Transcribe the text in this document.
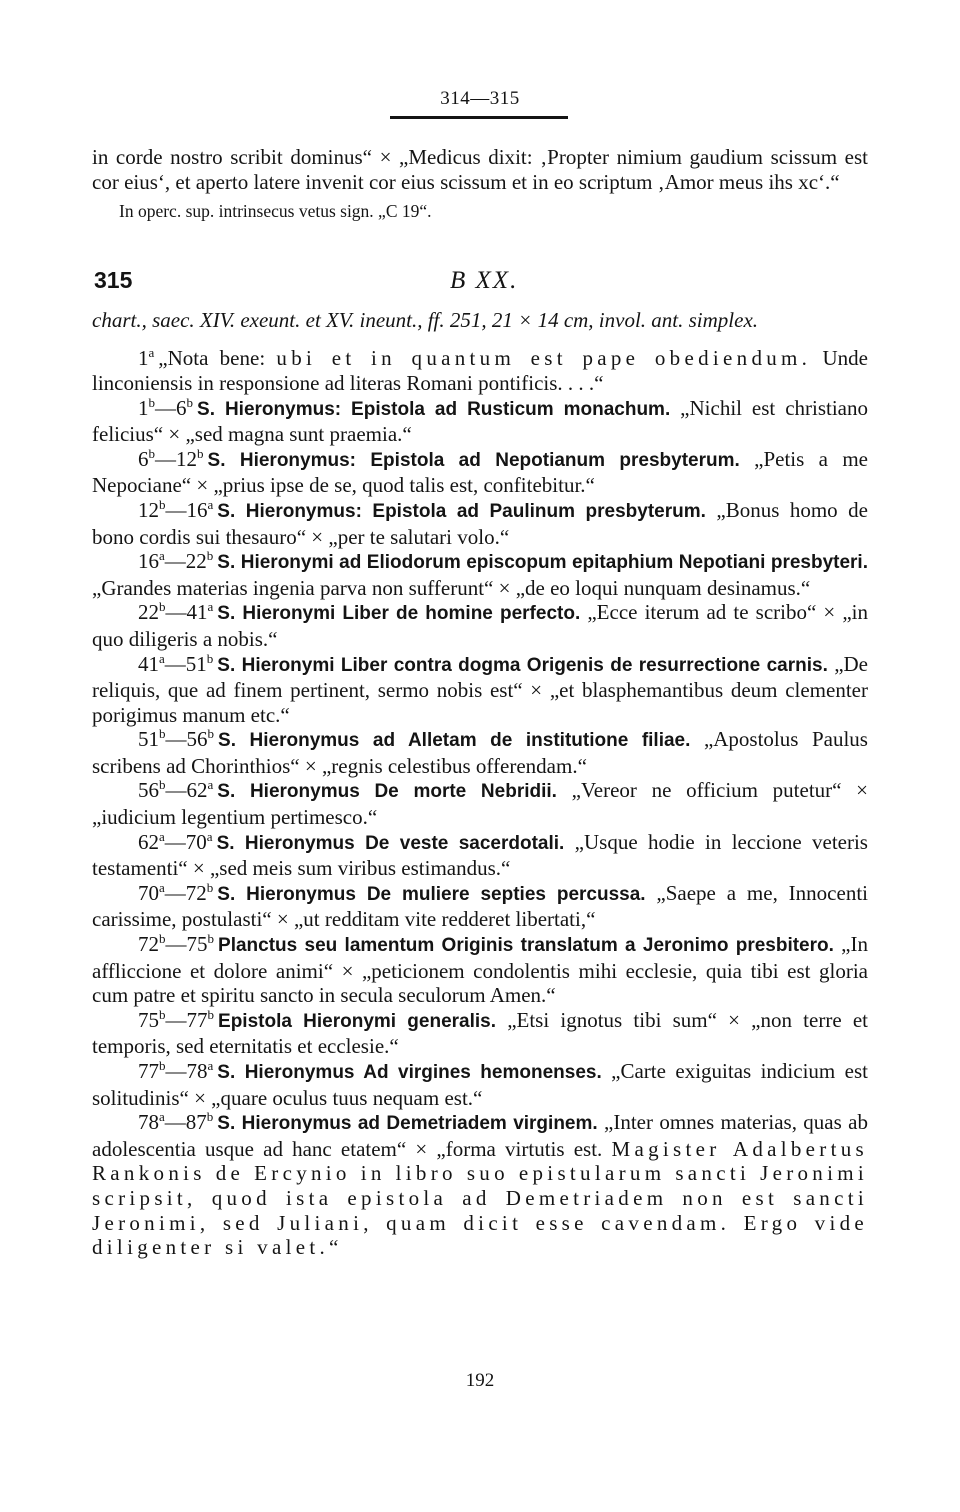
314—315

in corde nostro scribit dominus“ × „Medicus dixit: ‚Propter nimium gaudium scissum est cor eius‘, et aperto latere invenit cor eius scissum et in eo scriptum ‚Amor meus ihs xc‘.“

In operc. sup. intrinsecus vetus sign. „C 19“.

315	B XX.

chart., saec. XIV. exeunt. et XV. ineunt., ff. 251, 21 × 14 cm, invol. ant. simplex.

1$^a$ „Nota bene: ubi et in quantum est pape obediendum. Unde linconiensis in responsione ad literas Romani pontificis. . . .“

1$^b$—6$^b$ S. Hieronymus: Epistola ad Rusticum monachum. „Nichil est christiano felicius“ × „sed magna sunt praemia.“

6$^b$—12$^b$ S. Hieronymus: Epistola ad Nepotianum presbyterum. „Petis a me Nepociane“ × „prius ipse de se, quod talis est, confitebitur.“

12$^b$—16$^a$ S. Hieronymus: Epistola ad Paulinum presbyterum. „Bonus homo de bono cordis sui thesauro“ × „per te salutari volo.“

16$^a$—22$^b$ S. Hieronymi ad Eliodorum episcopum epitaphium Nepotiani presbyteri. „Grandes materias ingenia parva non sufferunt“ × „de eo loqui nunquam desinamus.“

22$^b$—41$^a$ S. Hieronymi Liber de homine perfecto. „Ecce iterum ad te scribo“ × „in quo diligeris a nobis.“

41$^a$—51$^b$ S. Hieronymi Liber contra dogma Origenis de resurrectione carnis. „De reliquis, que ad finem pertinent, sermo nobis est“ × „et blasphemantibus deum clementer porigimus manum etc.“

51$^b$—56$^b$ S. Hieronymus ad Alletam de institutione filiae. „Apostolus Paulus scribens ad Chorinthios“ × „regnis celestibus offerendam.“

56$^b$—62$^a$ S. Hieronymus De morte Nebridii. „Vereor ne officium putetur“ × „iudicium legentium pertimesco.“

62$^a$—70$^a$ S. Hieronymus De veste sacerdotali. „Usque hodie in leccione veteris testamenti“ × „sed meis sum viribus estimandus.“

70$^a$—72$^b$ S. Hieronymus De muliere septies percussa. „Saepe a me, Innocenti carissime, postulasti“ × „ut redditam vite redderet libertati,“

72$^b$—75$^b$ Planctus seu lamentum Originis translatum a Jeronimo presbitero. „In affliccione et dolore animi“ × „peticionem condolentis mihi ecclesie, quia tibi est gloria cum patre et spiritu sancto in secula seculorum Amen.“

75$^b$—77$^b$ Epistola Hieronymi generalis. „Etsi ignotus tibi sum“ × „non terre et temporis, sed eternitatis et ecclesie.“

77$^b$—78$^a$ S. Hieronymus Ad virgines hemonenses. „Carte exiguitas indicium est solitudinis“ × „quare oculus tuus nequam est.“

78$^a$—87$^b$ S. Hieronymus ad Demetriadem virginem. „Inter omnes materias, quas ab adolescentia usque ad hanc etatem“ × „forma virtutis est. Magister Adalbertus Rankonis de Ercynio in libro suo epistularum sancti Jeronimi scripsit, quod ista epistola ad Demetriadem non est sancti Jeronimi, sed Juliani, quam dicit esse cavendam. Ergo vide diligenter si valet.“

192
